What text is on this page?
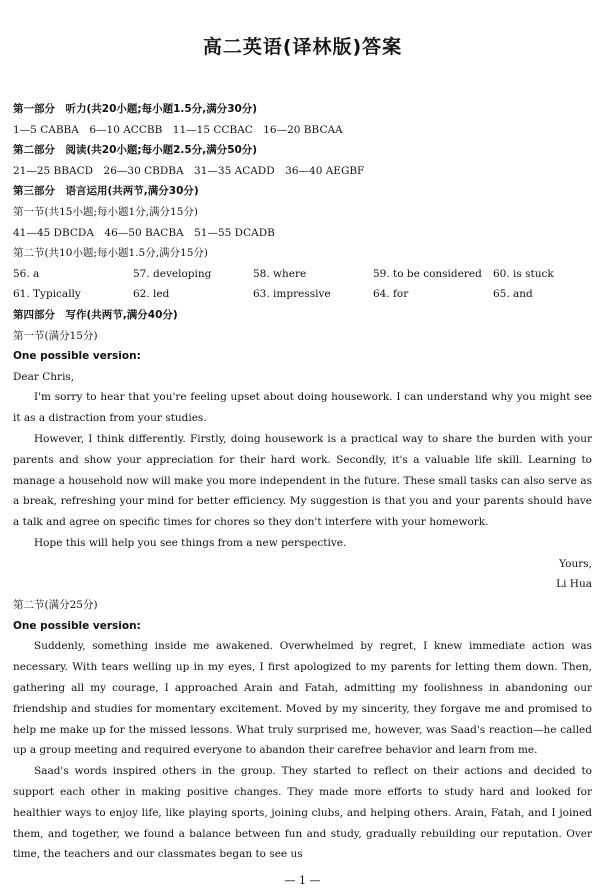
高二英语(译林版)答案
第一部分　听力(共20小题;每小题1.5分,满分30分)
1—5 CABBA　6—10 ACCBB　11—15 CCBAC　16—20 BBCAA
第二部分　阅读(共20小题;每小题2.5分,满分50分)
21—25 BBACD　26—30 CBDBA　31—35 ACADD　36—40 AEGBF
第三部分　语言运用(共两节,满分30分)
第一节(共15小题;每小题1分,满分15分)
41—45 DBCDA　46—50 BACBA　51—55 DCADB
第二节(共10小题;每小题1.5分,满分15分)
56. a	57. developing	58. where	59. to be considered	60. is stuck
61. Typically	62. led	63. impressive	64. for	65. and
第四部分　写作(共两节,满分40分)
第一节(满分15分)
One possible version:
Dear Chris,
I'm sorry to hear that you're feeling upset about doing housework. I can understand why you might see it as a distraction from your studies.
However, I think differently. Firstly, doing housework is a practical way to share the burden with your parents and show your appreciation for their hard work. Secondly, it's a valuable life skill. Learning to manage a household now will make you more independent in the future. These small tasks can also serve as a break, refreshing your mind for better efficiency. My suggestion is that you and your parents should have a talk and agree on specific times for chores so they don't interfere with your homework.
Hope this will help you see things from a new perspective.
Yours,
Li Hua
第二节(满分25分)
One possible version:
Suddenly, something inside me awakened. Overwhelmed by regret, I knew immediate action was necessary. With tears welling up in my eyes, I first apologized to my parents for letting them down. Then, gathering all my courage, I approached Arain and Fatah, admitting my foolishness in abandoning our friendship and studies for momentary excitement. Moved by my sincerity, they forgave me and promised to help me make up for the missed lessons. What truly surprised me, however, was Saad's reaction—he called up a group meeting and required everyone to abandon their carefree behavior and learn from me.
Saad's words inspired others in the group. They started to reflect on their actions and decided to support each other in making positive changes. They made more efforts to study hard and looked for healthier ways to enjoy life, like playing sports, joining clubs, and helping others. Arain, Fatah, and I joined them, and together, we found a balance between fun and study, gradually rebuilding our reputation. Over time, the teachers and our classmates began to see us
— 1 —
